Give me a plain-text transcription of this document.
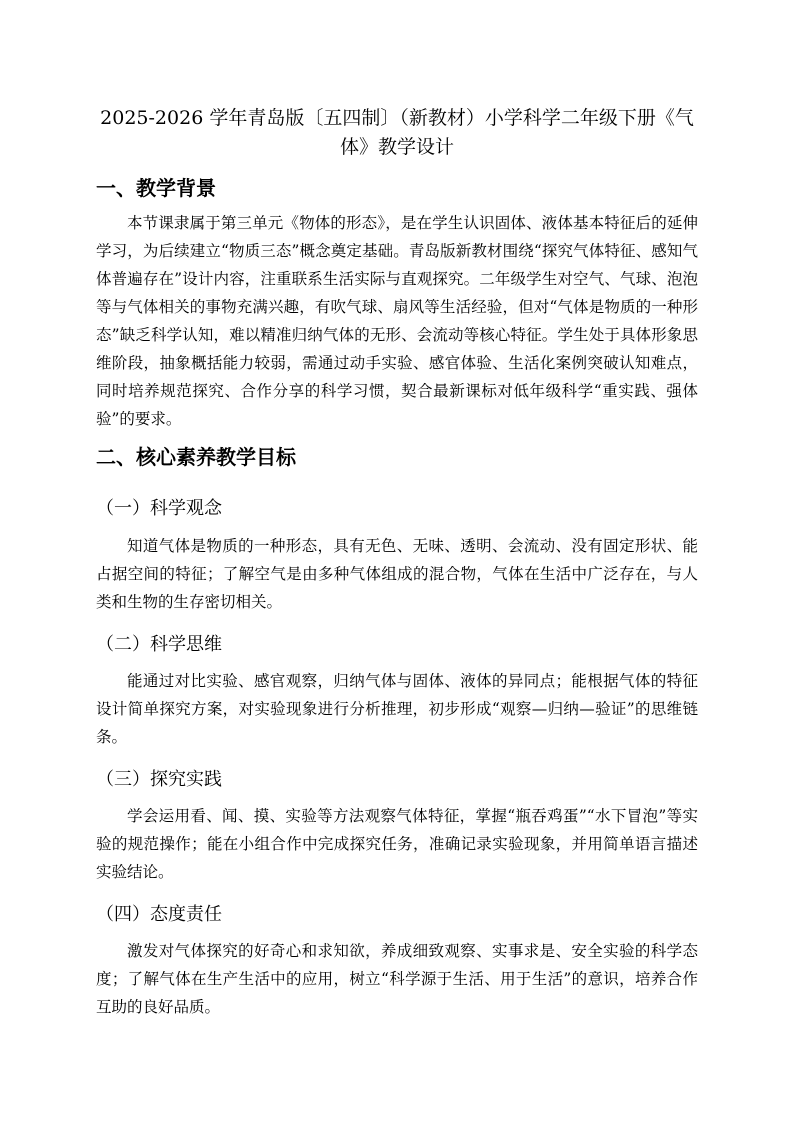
2025-2026 学年青岛版〔五四制〕（新教材）小学科学二年级下册《气体》教学设计
一、教学背景

本节课隶属于第三单元《物体的形态》，是在学生认识固体、液体基本特征后的延伸学习，为后续建立“物质三态”概念奠定基础。青岛版新教材围绕“探究气体特征、感知气体普遍存在”设计内容，注重联系生活实际与直观探究。二年级学生对空气、气球、泡泡等与气体相关的事物充满兴趣，有吹气球、扇风等生活经验，但对“气体是物质的一种形态”缺乏科学认知，难以精准归纳气体的无形、会流动等核心特征。学生处于具体形象思维阶段，抽象概括能力较弱，需通过动手实验、感官体验、生活化案例突破认知难点，同时培养规范探究、合作分享的科学习惯，契合最新课标对低年级科学“重实践、强体验”的要求。

二、核心素养教学目标
（一）科学观念

知道气体是物质的一种形态，具有无色、无味、透明、会流动、没有固定形状、能占据空间的特征；了解空气是由多种气体组成的混合物，气体在生活中广泛存在，与人类和生物的生存密切相关。

（二）科学思维

能通过对比实验、感官观察，归纳气体与固体、液体的异同点；能根据气体的特征设计简单探究方案，对实验现象进行分析推理，初步形成“观察—归纳—验证”的思维链条。

（三）探究实践

学会运用看、闻、摸、实验等方法观察气体特征，掌握“瓶吞鸡蛋”“水下冒泡”等实验的规范操作；能在小组合作中完成探究任务，准确记录实验现象，并用简单语言描述实验结论。

（四）态度责任

激发对气体探究的好奇心和求知欲，养成细致观察、实事求是、安全实验的科学态度；了解气体在生产生活中的应用，树立“科学源于生活、用于生活”的意识，培养合作互助的良好品质。
